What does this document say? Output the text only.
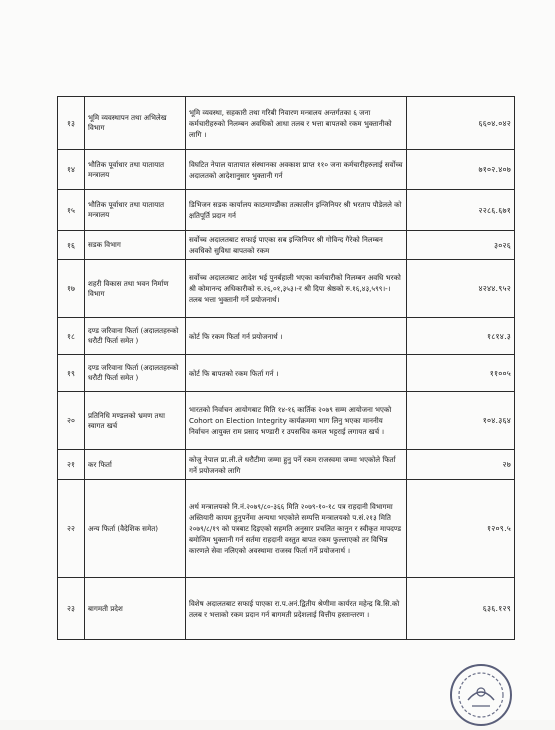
१३	भूमि व्यवस्थापन तथा अभिलेख विभाग	भूमि व्यवस्था, सहकारी तथा गरिबी निवारण मन्त्रालय अन्तर्गतका ६ जना कर्मचारीहरुको निलम्बन अवधिको आधा तलब र भत्ता बापतको रकम भुक्तानीको लागि ।	६६०४.०४२
१४	भौतिक पूर्वाधार तथा यातायात मन्त्रालय	विघटित नेपाल यातायात संस्थानका अवकाश प्राप्त ११० जना कर्मचारीहरुलाई सर्वोच्च अदालतको आदेशानुसार भुक्तानी गर्न	७१०२.४०७
१५	भौतिक पूर्वाधार तथा यातायात मन्त्रालय	डिभिजन सडक कार्यालय काठमाण्डौंका तत्कालीन इन्जिनियर श्री भरताप पौडेलले को क्षतिपूर्ति प्रदान गर्न	२२८६.६७१
१६	सडक विभाग	सर्वोच्च अदालतबाट सफाई पाएका सब इन्जिनियर श्री गोविन्द गैरेको निलम्बन अवधिको सुविधा बापतको रकम	३०२६
१७	शहरी विकास तथा भवन निर्माण विभाग	सर्वोच्च अदालतबाट आदेश भई पुनर्बहाली भएका कर्मचारीको निलम्बन अवधि भरको श्री कोमानन्द अधिकारीको रु.२६,०१,३५३।-र श्री दिपा श्रेष्ठको रु.१६,४३,५९९।-। तलब भत्ता भुक्तानी गर्ने प्रयोजनार्थ।	४२४४.९५२
१८	दण्ड जरिवाना फिर्ता (अदालतहरुको धरौटी फिर्ता समेत )	कोर्ट फि रकम फिर्ता गर्न प्रयोजनार्थ ।	१८१४.३
१९	दण्ड जरिवाना फिर्ता (अदालतहरुको धरौटी फिर्ता समेत )	कोर्ट फि बापतको रकम फिर्ता गर्न ।	११००५
२०	प्रतिनिधि मण्डलको भ्रमण तथा स्वागत खर्च	भारतको निर्वाचन आयोगबाट मिति १४-१६ कार्तिक २०७९ सम्म आयोजना भएको Cohort on Election Integrity कार्यक्रममा भाग लिनु भएका माननीय निर्वाचन आयुक्त राम प्रसाद भण्डारी र उपसचिव कमल भट्टराई लगायत खर्च ।	१०४.३६४
२१	कर फिर्ता	कोजु नेपाल प्रा.ली.ले धरौटीमा जम्मा हुनु पर्ने रकम राजस्वमा जम्मा भएकोले फिर्ता गर्ने प्रयोजनको लागि	२७
२२	अन्य फिर्ता (वैदेशिक समेत)	अर्थ मन्त्रालयको नि.नं.२०७९/८०-३६६ मिति २०७९-१०-१८ पत्र राहदानी विभागमा अस्तियारी कायम हुनुपर्नेमा अन्यथा भएकोले सम्पत्ति मन्त्रालयको प.सं.२१३ मिति २०७९/८/१९ को पत्रबाट दिइएको सहमति अनुसार प्रचलित कानुन र स्वीकृत मापदण्ड बमोजिम भुक्तानी गर्न सर्तमा राहदानी वस्तुत बापत रकम फुल्लाएको तर विभिन्न कारणले सेवा नलिएको अवस्थामा राजस्व फिर्ता गर्ने प्रयोजनार्थ ।	१२०९.५
२३	बागमती प्रदेश	विशेष अदालतबाट सफाई पाएका रा.प.अनं.द्वितीय श्रेणीमा कार्यरत महेन्द्र बि.सि.को तलब र भत्ताको रकम प्रदान गर्न बागमती प्रदेशलाई वित्तीय हस्तान्तरण ।	६३६.१२९
